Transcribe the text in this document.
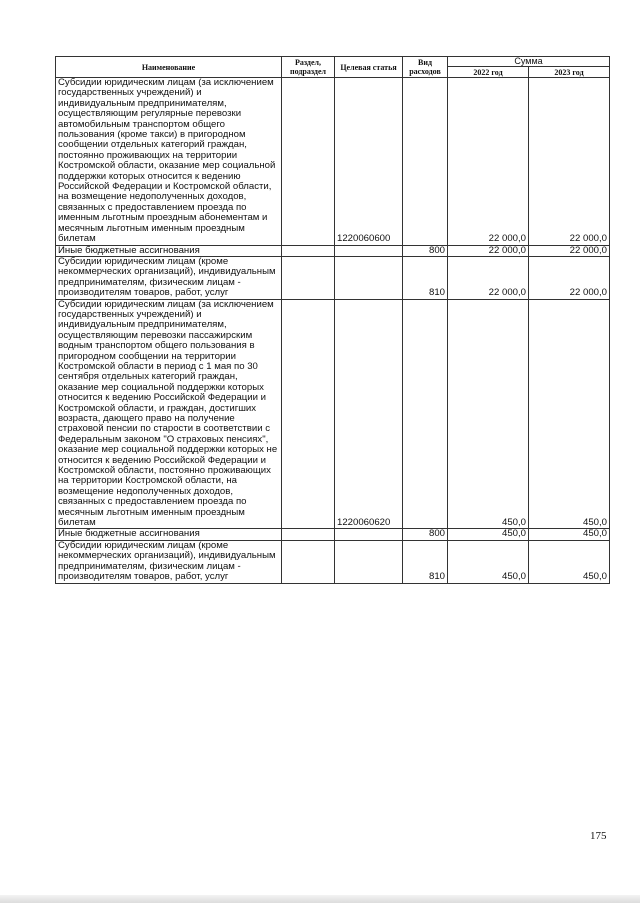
Наименование	Раздел, подраздел	Целевая статья	Вид расходов	Сумма	
				2022 год	2023 год
Субсидии юридическим лицам (за исключением государственных учреждений) и индивидуальным предпринимателям, осуществляющим регулярные перевозки автомобильным транспортом общего пользования (кроме такси) в пригородном сообщении отдельных категорий граждан, постоянно проживающих на территории Костромской области, оказание мер социальной поддержки которых относится к ведению Российской Федерации и Костромской области, на возмещение недополученных доходов, связанных с предоставлением проезда по именным льготным проездным абонементам и месячным льготным именным проездным билетам		1220060600		22 000,0	22 000,0
Иные бюджетные ассигнования			800	22 000,0	22 000,0
Субсидии юридическим лицам (кроме некоммерческих организаций), индивидуальным предпринимателям, физическим лицам - производителям товаров, работ, услуг			810	22 000,0	22 000,0
Субсидии юридическим лицам (за исключением государственных учреждений) и индивидуальным предпринимателям, осуществляющим перевозки пассажирским водным транспортом общего пользования в пригородном сообщении на территории Костромской области в период с 1 мая по 30 сентября отдельных категорий граждан, оказание мер социальной поддержки которых относится к ведению Российской Федерации и Костромской области, и граждан, достигших возраста, дающего право на получение страховой пенсии по старости в соответствии с Федеральным законом "О страховых пенсиях", оказание мер социальной поддержки которых не относится к ведению Российской Федерации и Костромской области, постоянно проживающих на территории Костромской области, на возмещение недополученных доходов, связанных с предоставлением проезда по месячным льготным именным проездным билетам		1220060620		450,0	450,0
Иные бюджетные ассигнования			800	450,0	450,0
Субсидии юридическим лицам (кроме некоммерческих организаций), индивидуальным предпринимателям, физическим лицам - производителям товаров, работ, услуг			810	450,0	450,0
175
